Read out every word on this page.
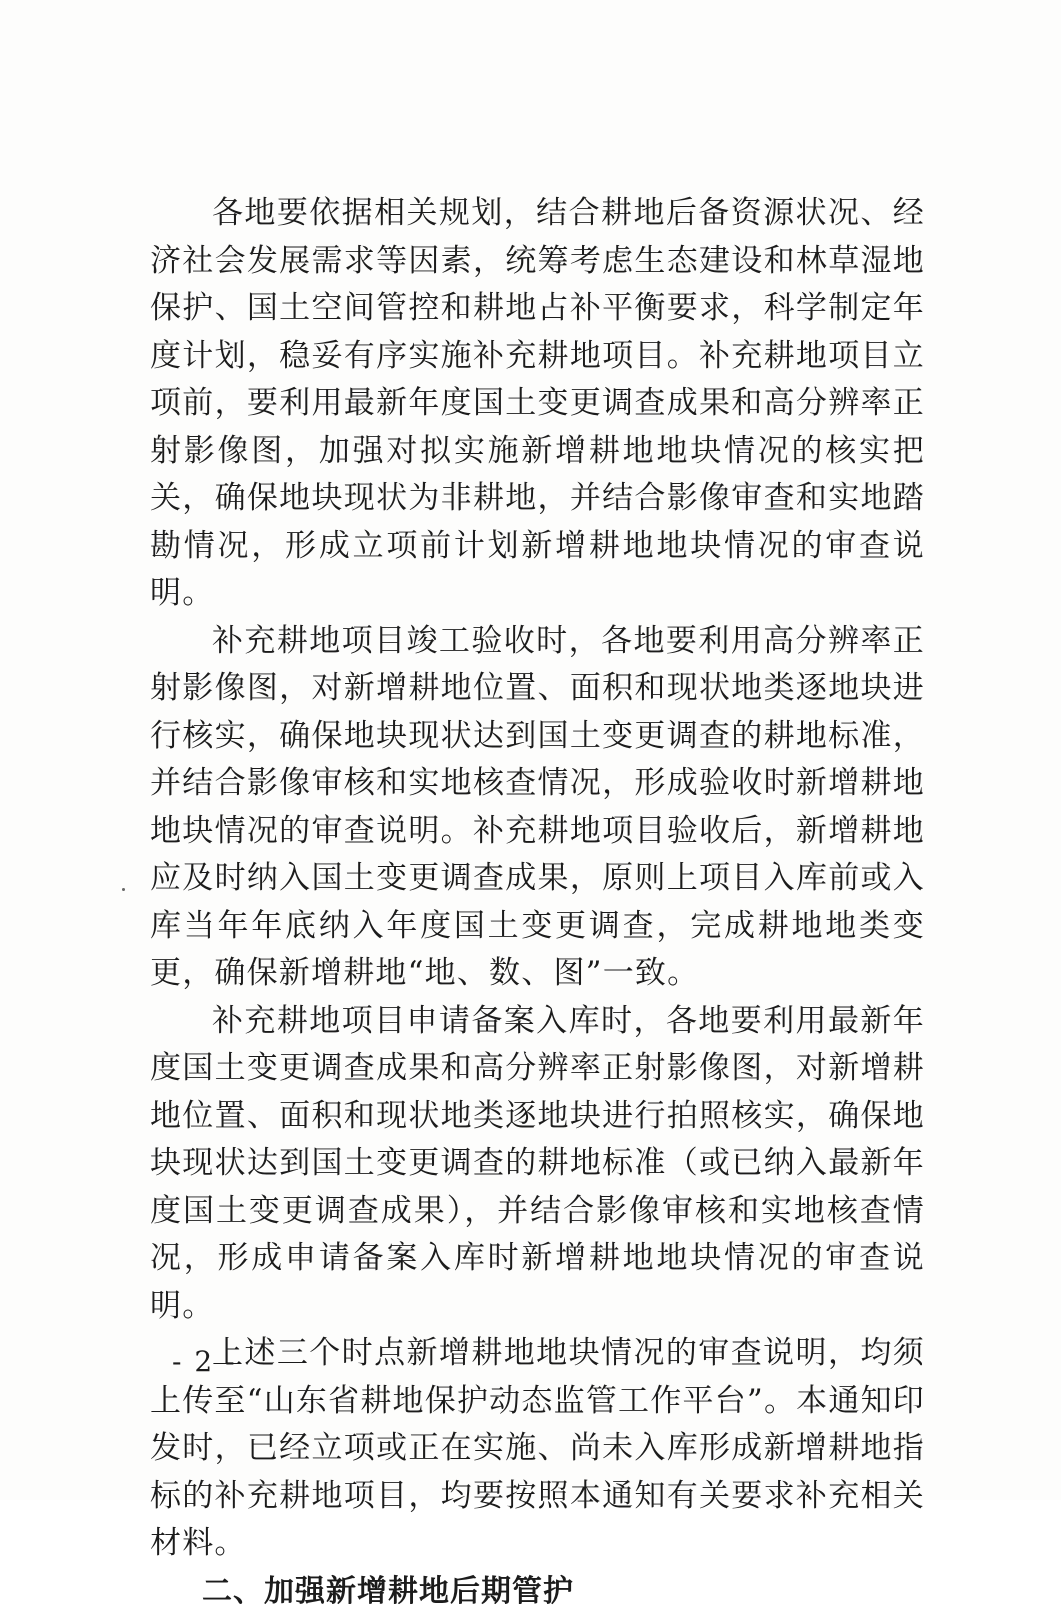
各地要依据相关规划，结合耕地后备资源状况、经济社会发展需求等因素，统筹考虑生态建设和林草湿地保护、国土空间管控和耕地占补平衡要求，科学制定年度计划，稳妥有序实施补充耕地项目。补充耕地项目立项前，要利用最新年度国土变更调查成果和高分辨率正射影像图，加强对拟实施新增耕地地块情况的核实把关，确保地块现状为非耕地，并结合影像审查和实地踏勘情况，形成立项前计划新增耕地地块情况的审查说明。

补充耕地项目竣工验收时，各地要利用高分辨率正射影像图，对新增耕地位置、面积和现状地类逐地块进行核实，确保地块现状达到国土变更调查的耕地标准，并结合影像审核和实地核查情况，形成验收时新增耕地地块情况的审查说明。补充耕地项目验收后，新增耕地应及时纳入国土变更调查成果，原则上项目入库前或入库当年年底纳入年度国土变更调查，完成耕地地类变更，确保新增耕地“地、数、图”一致。

补充耕地项目申请备案入库时，各地要利用最新年度国土变更调查成果和高分辨率正射影像图，对新增耕地位置、面积和现状地类逐地块进行拍照核实，确保地块现状达到国土变更调查的耕地标准（或已纳入最新年度国土变更调查成果），并结合影像审核和实地核查情况，形成申请备案入库时新增耕地地块情况的审查说明。

上述三个时点新增耕地地块情况的审查说明，均须上传至“山东省耕地保护动态监管工作平台”。本通知印发时，已经立项或正在实施、尚未入库形成新增耕地指标的补充耕地项目，均要按照本通知有关要求补充相关材料。

二、加强新增耕地后期管护

- 2 -
